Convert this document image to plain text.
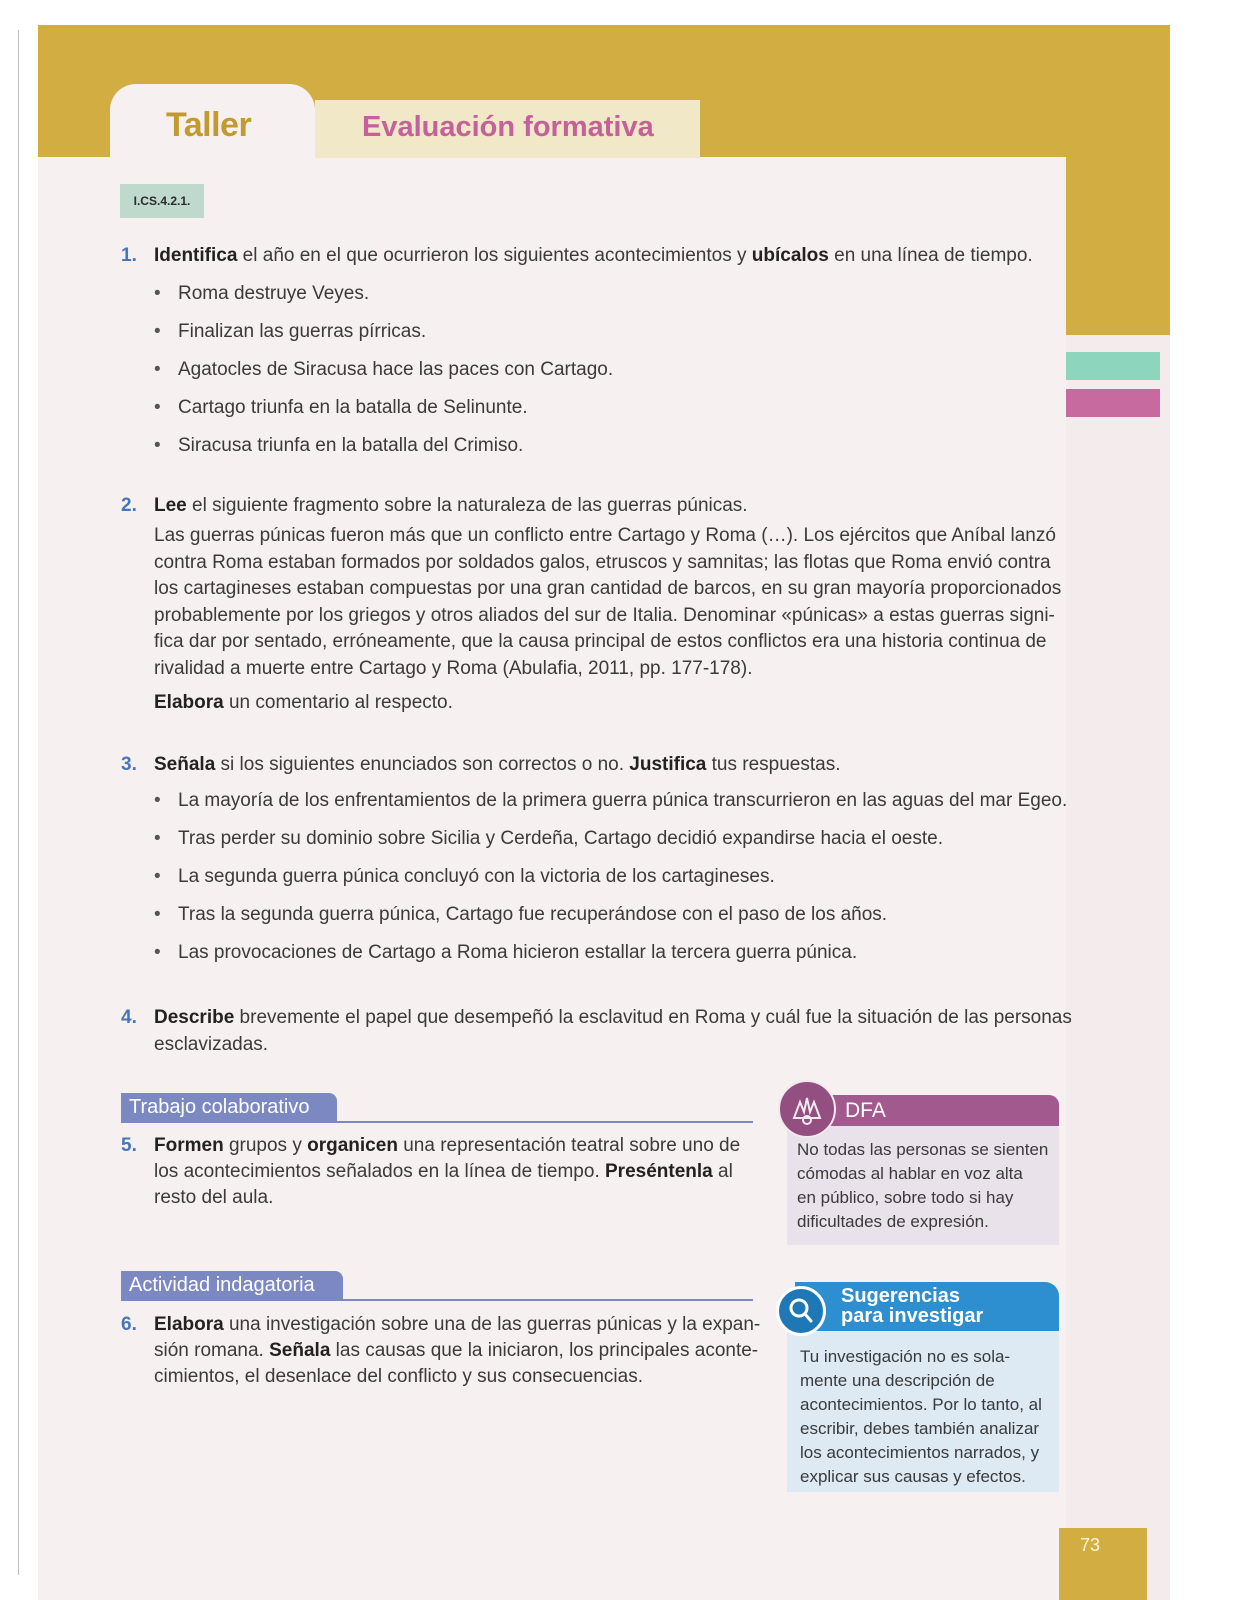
Taller	Evaluación formativa
I.CS.4.2.1.
1. Identifica el año en el que ocurrieron los siguientes acontecimientos y ubícalos en una línea de tiempo.
• Roma destruye Veyes.
• Finalizan las guerras pírricas.
• Agatocles de Siracusa hace las paces con Cartago.
• Cartago triunfa en la batalla de Selinunte.
• Siracusa triunfa en la batalla del Crimiso.
2. Lee el siguiente fragmento sobre la naturaleza de las guerras púnicas.
Las guerras púnicas fueron más que un conflicto entre Cartago y Roma (…). Los ejércitos que Aníbal lanzó
contra Roma estaban formados por soldados galos, etruscos y samnitas; las flotas que Roma envió contra
los cartagineses estaban compuestas por una gran cantidad de barcos, en su gran mayoría proporcionados
probablemente por los griegos y otros aliados del sur de Italia. Denominar «púnicas» a estas guerras signi-
fica dar por sentado, erróneamente, que la causa principal de estos conflictos era una historia continua de
rivalidad a muerte entre Cartago y Roma (Abulafia, 2011, pp. 177-178).
Elabora un comentario al respecto.
3. Señala si los siguientes enunciados son correctos o no. Justifica tus respuestas.
• La mayoría de los enfrentamientos de la primera guerra púnica transcurrieron en las aguas del mar Egeo.
• Tras perder su dominio sobre Sicilia y Cerdeña, Cartago decidió expandirse hacia el oeste.
• La segunda guerra púnica concluyó con la victoria de los cartagineses.
• Tras la segunda guerra púnica, Cartago fue recuperándose con el paso de los años.
• Las provocaciones de Cartago a Roma hicieron estallar la tercera guerra púnica.
4. Describe brevemente el papel que desempeñó la esclavitud en Roma y cuál fue la situación de las personas
esclavizadas.
Trabajo colaborativo
5. Formen grupos y organicen una representación teatral sobre uno de
los acontecimientos señalados en la línea de tiempo. Preséntenla al
resto del aula.
DFA
No todas las personas se sienten
cómodas al hablar en voz alta
en público, sobre todo si hay
dificultades de expresión.
Actividad indagatoria
6. Elabora una investigación sobre una de las guerras púnicas y la expan-
sión romana. Señala las causas que la iniciaron, los principales aconte-
cimientos, el desenlace del conflicto y sus consecuencias.
Sugerencias
para investigar
Tu investigación no es sola-
mente una descripción de
acontecimientos. Por lo tanto, al
escribir, debes también analizar
los acontecimientos narrados, y
explicar sus causas y efectos.
73
